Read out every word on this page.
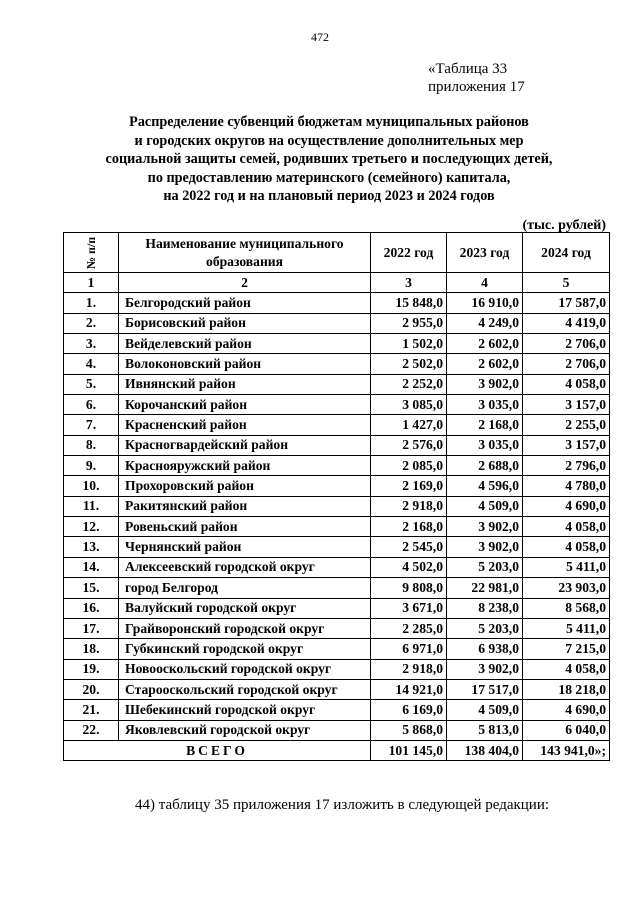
472
«Таблица 33
приложения 17
Распределение субвенций бюджетам муниципальных районов
и городских округов на осуществление дополнительных мер
социальной защиты семей, родивших третьего и последующих детей,
по предоставлению материнского (семейного) капитала,
на 2022 год и на плановый период 2023 и 2024 годов
(тыс. рублей)
№ п/п	Наименование муниципального образования	2022 год	2023 год	2024 год
1	2	3	4	5
1.	Белгородский район	15 848,0	16 910,0	17 587,0
2.	Борисовский район	2 955,0	4 249,0	4 419,0
3.	Вейделевский район	1 502,0	2 602,0	2 706,0
4.	Волоконовский район	2 502,0	2 602,0	2 706,0
5.	Ивнянский район	2 252,0	3 902,0	4 058,0
6.	Корочанский район	3 085,0	3 035,0	3 157,0
7.	Красненский район	1 427,0	2 168,0	2 255,0
8.	Красногвардейский район	2 576,0	3 035,0	3 157,0
9.	Краснояружский район	2 085,0	2 688,0	2 796,0
10.	Прохоровский район	2 169,0	4 596,0	4 780,0
11.	Ракитянский район	2 918,0	4 509,0	4 690,0
12.	Ровеньский район	2 168,0	3 902,0	4 058,0
13.	Чернянский район	2 545,0	3 902,0	4 058,0
14.	Алексеевский городской округ	4 502,0	5 203,0	5 411,0
15.	город Белгород	9 808,0	22 981,0	23 903,0
16.	Валуйский городской округ	3 671,0	8 238,0	8 568,0
17.	Грайворонский городской округ	2 285,0	5 203,0	5 411,0
18.	Губкинский городской округ	6 971,0	6 938,0	7 215,0
19.	Новооскольский городской округ	2 918,0	3 902,0	4 058,0
20.	Старооскольский городской округ	14 921,0	17 517,0	18 218,0
21.	Шебекинский городской округ	6 169,0	4 509,0	4 690,0
22.	Яковлевский городской округ	5 868,0	5 813,0	6 040,0
ВСЕГО		101 145,0	138 404,0	143 941,0»;
44) таблицу 35 приложения 17 изложить в следующей редакции:
